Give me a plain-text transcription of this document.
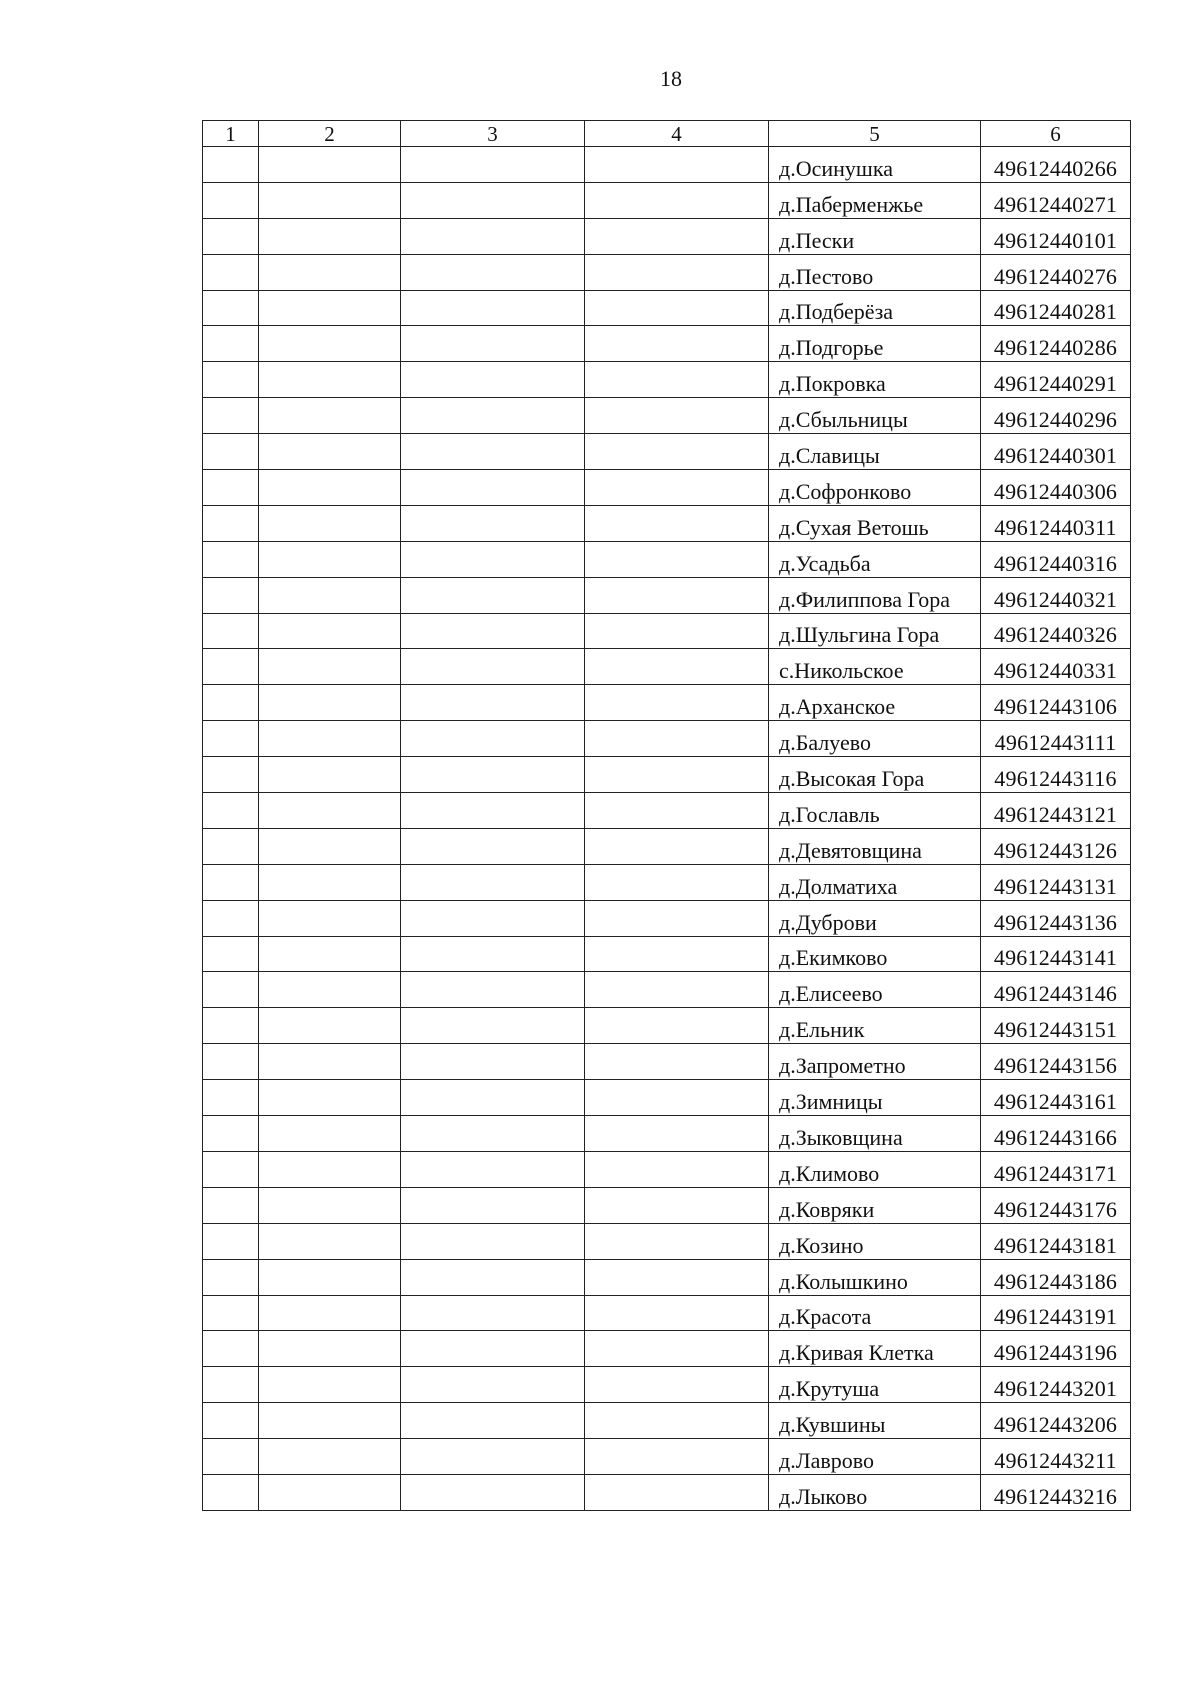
18
1	2	3	4	5	6
				д.Осинушка	49612440266
				д.Паберменжье	49612440271
				д.Пески	49612440101
				д.Пестово	49612440276
				д.Подберёза	49612440281
				д.Подгорье	49612440286
				д.Покровка	49612440291
				д.Сбыльницы	49612440296
				д.Славицы	49612440301
				д.Софронково	49612440306
				д.Сухая Ветошь	49612440311
				д.Усадьба	49612440316
				д.Филиппова Гора	49612440321
				д.Шульгина Гора	49612440326
				с.Никольское	49612440331
				д.Арханское	49612443106
				д.Балуево	49612443111
				д.Высокая Гора	49612443116
				д.Гославль	49612443121
				д.Девятовщина	49612443126
				д.Долматиха	49612443131
				д.Дуброви	49612443136
				д.Екимково	49612443141
				д.Елисеево	49612443146
				д.Ельник	49612443151
				д.Запрометно	49612443156
				д.Зимницы	49612443161
				д.Зыковщина	49612443166
				д.Климово	49612443171
				д.Ковряки	49612443176
				д.Козино	49612443181
				д.Колышкино	49612443186
				д.Красота	49612443191
				д.Кривая Клетка	49612443196
				д.Крутуша	49612443201
				д.Кувшины	49612443206
				д.Лаврово	49612443211
				д.Лыково	49612443216
